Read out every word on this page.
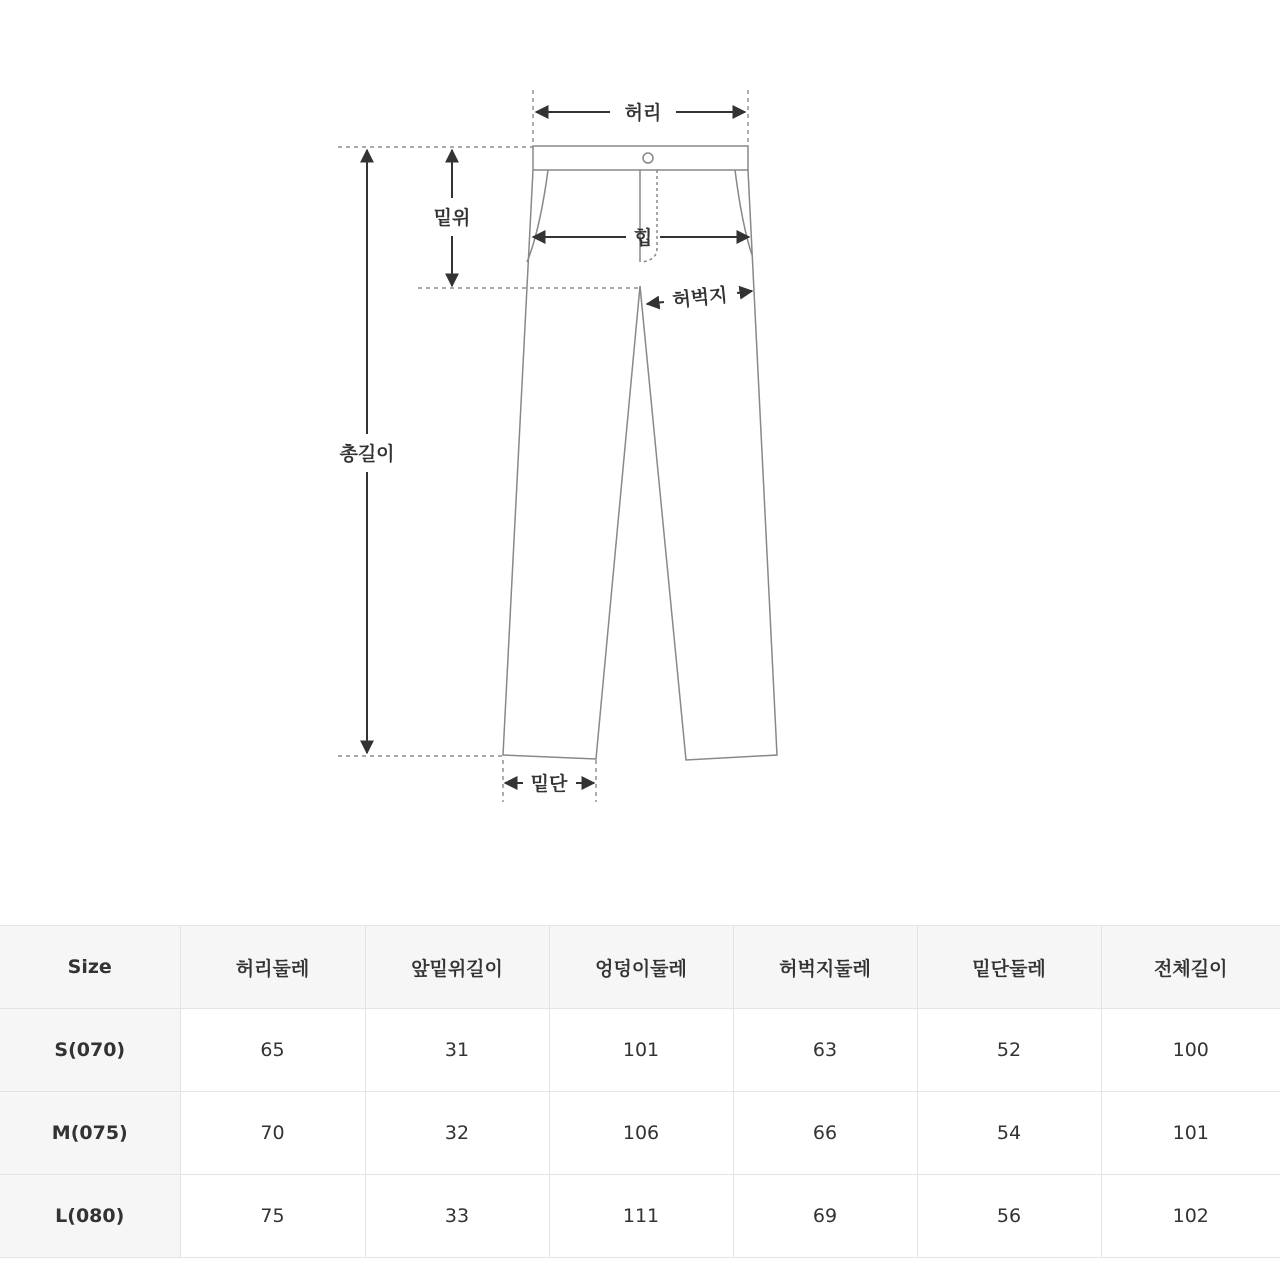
허리
밑위
힙
허벅지
총길이
밑단
Size	허리둘레	앞밑위길이	엉덩이둘레	허벅지둘레	밑단둘레	전체길이
S(070)	65	31	101	63	52	100
M(075)	70	32	106	66	54	101
L(080)	75	33	111	69	56	102
